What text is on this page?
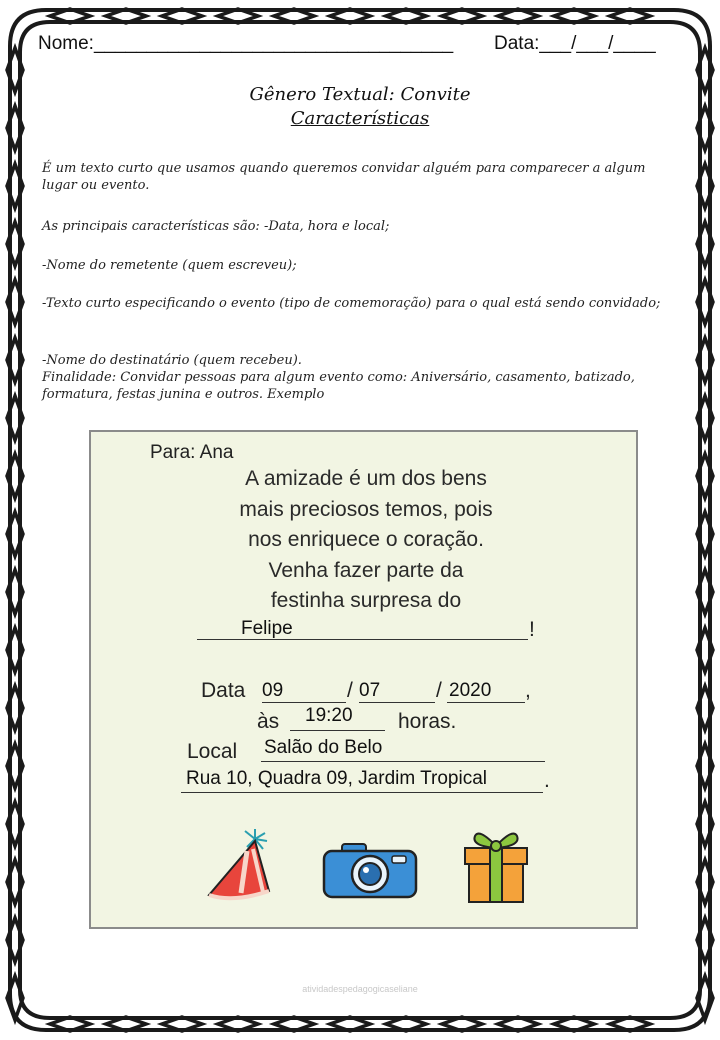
Nome:__________________________________ Data:___/___/____
Gênero Textual: Convite
Características
É um texto curto que usamos quando queremos convidar alguém para comparecer a algum lugar ou evento.
As principais características são: -Data, hora e local;
-Nome do remetente (quem escreveu);
-Texto curto especificando o evento (tipo de comemoração) para o qual está sendo convidado;
-Nome do destinatário (quem recebeu).
Finalidade: Convidar pessoas para algum evento como: Aniversário, casamento, batizado, formatura, festas junina e outros. Exemplo
Para: Ana
A amizade é um dos bens
mais preciosos temos, pois
nos enriquece o coração.
Venha fazer parte da
festinha surpresa do
Felipe	!
Data 09	/ 07	/ 2020 ,
às 19:20 horas.
Local Salão do Belo
Rua 10, Quadra 09, Jardim Tropical	.
atividadespedagogicaseliane
